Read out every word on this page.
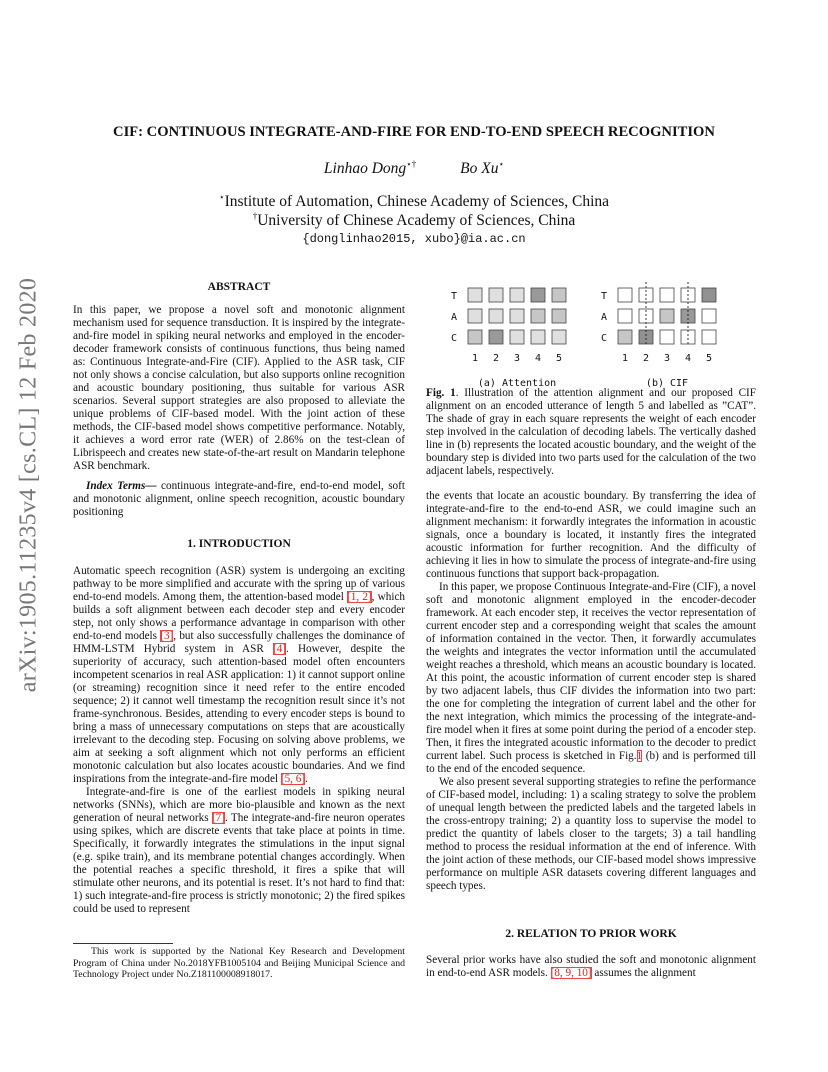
arXiv:1905.11235v4 [cs.CL] 12 Feb 2020
CIF: CONTINUOUS INTEGRATE-AND-FIRE FOR END-TO-END SPEECH RECOGNITION
Linhao Dong⋆†	Bo Xu⋆
⋆Institute of Automation, Chinese Academy of Sciences, China
†University of Chinese Academy of Sciences, China
{donglinhao2015, xubo}@ia.ac.cn
ABSTRACT

In this paper, we propose a novel soft and monotonic alignment mechanism used for sequence transduction. It is inspired by the integrate-and-fire model in spiking neural networks and employed in the encoder-decoder framework consists of continuous functions, thus being named as: Continuous Integrate-and-Fire (CIF). Applied to the ASR task, CIF not only shows a concise calculation, but also supports online recognition and acoustic boundary positioning, thus suitable for various ASR scenarios. Several support strategies are also proposed to alleviate the unique problems of CIF-based model. With the joint action of these methods, the CIF-based model shows competitive performance. Notably, it achieves a word error rate (WER) of 2.86% on the test-clean of Librispeech and creates new state-of-the-art result on Mandarin telephone ASR benchmark.

Index Terms— continuous integrate-and-fire, end-to-end model, soft and monotonic alignment, online speech recognition, acoustic boundary positioning

1. INTRODUCTION

Automatic speech recognition (ASR) system is undergoing an exciting pathway to be more simplified and accurate with the spring up of various end-to-end models. Among them, the attention-based model [1, 2], which builds a soft alignment between each decoder step and every encoder step, not only shows a performance advantage in comparison with other end-to-end models [3], but also successfully challenges the dominance of HMM-LSTM Hybrid system in ASR [4]. However, despite the superiority of accuracy, such attention-based model often encounters incompetent scenarios in real ASR application: 1) it cannot support online (or streaming) recognition since it need refer to the entire encoded sequence; 2) it cannot well timestamp the recognition result since it’s not frame-synchronous. Besides, attending to every encoder steps is bound to bring a mass of unnecessary computations on steps that are acoustically irrelevant to the decoding step. Focusing on solving above problems, we aim at seeking a soft alignment which not only performs an efficient monotonic calculation but also locates acoustic boundaries. And we find inspirations from the integrate-and-fire model [5, 6].

Integrate-and-fire is one of the earliest models in spiking neural networks (SNNs), which are more bio-plausible and known as the next generation of neural networks [7]. The integrate-and-fire neuron operates using spikes, which are discrete events that take place at points in time. Specifically, it forwardly integrates the stimulations in the input signal (e.g. spike train), and its membrane potential changes accordingly. When the potential reaches a specific threshold, it fires a spike that will stimulate other neurons, and its potential is reset. It’s not hard to find that: 1) such integrate-and-fire process is strictly monotonic; 2) the fired spikes could be used to represent

This work is supported by the National Key Research and Development Program of China under No.2018YFB1005104 and Beijing Municipal Science and Technology Project under No.Z181100008918017.
T
A
C
1 2 3 4 5
(a) Attention
T
A
C
1 2 3 4 5
(b) CIF
Fig. 1. Illustration of the attention alignment and our proposed CIF alignment on an encoded utterance of length 5 and labelled as ”CAT”. The shade of gray in each square represents the weight of each encoder step involved in the calculation of decoding labels. The vertically dashed line in (b) represents the located acoustic boundary, and the weight of the boundary step is divided into two parts used for the calculation of the two adjacent labels, respectively.

the events that locate an acoustic boundary. By transferring the idea of integrate-and-fire to the end-to-end ASR, we could imagine such an alignment mechanism: it forwardly integrates the information in acoustic signals, once a boundary is located, it instantly fires the integrated acoustic information for further recognition. And the difficulty of achieving it lies in how to simulate the process of integrate-and-fire using continuous functions that support back-propagation.

In this paper, we propose Continuous Integrate-and-Fire (CIF), a novel soft and monotonic alignment employed in the encoder-decoder framework. At each encoder step, it receives the vector representation of current encoder step and a corresponding weight that scales the amount of information contained in the vector. Then, it forwardly accumulates the weights and integrates the vector information until the accumulated weight reaches a threshold, which means an acoustic boundary is located. At this point, the acoustic information of current encoder step is shared by two adjacent labels, thus CIF divides the information into two part: the one for completing the integration of current label and the other for the next integration, which mimics the processing of the integrate-and-fire model when it fires at some point during the period of a encoder step. Then, it fires the integrated acoustic information to the decoder to predict current label. Such process is sketched in Fig.1 (b) and is performed till to the end of the encoded sequence.

We also present several supporting strategies to refine the performance of CIF-based model, including: 1) a scaling strategy to solve the problem of unequal length between the predicted labels and the targeted labels in the cross-entropy training; 2) a quantity loss to supervise the model to predict the quantity of labels closer to the targets; 3) a tail handling method to process the residual information at the end of inference. With the joint action of these methods, our CIF-based model shows impressive performance on multiple ASR datasets covering different languages and speech types.

2. RELATION TO PRIOR WORK

Several prior works have also studied the soft and monotonic alignment in end-to-end ASR models. [8, 9, 10] assumes the alignment
